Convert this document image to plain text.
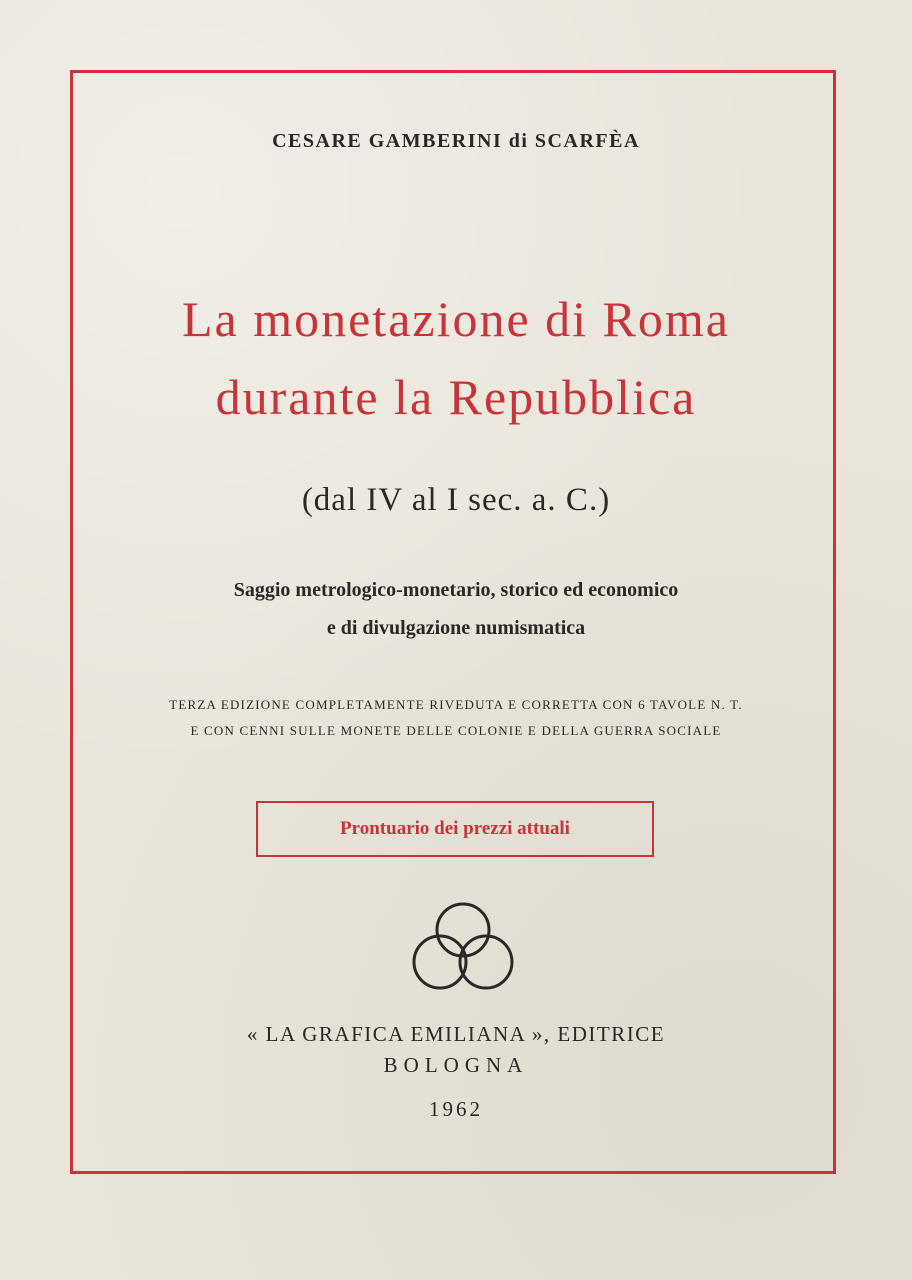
CESARE GAMBERINI di SCARFÈA
La monetazione di Roma
durante la Repubblica
(dal IV al I sec. a. C.)
Saggio metrologico-monetario, storico ed economico
e di divulgazione numismatica
TERZA EDIZIONE COMPLETAMENTE RIVEDUTA E CORRETTA CON 6 TAVOLE N. T.
E CON CENNI SULLE MONETE DELLE COLONIE E DELLA GUERRA SOCIALE
Prontuario dei prezzi attuali
« LA GRAFICA EMILIANA », EDITRICE
BOLOGNA
1962
